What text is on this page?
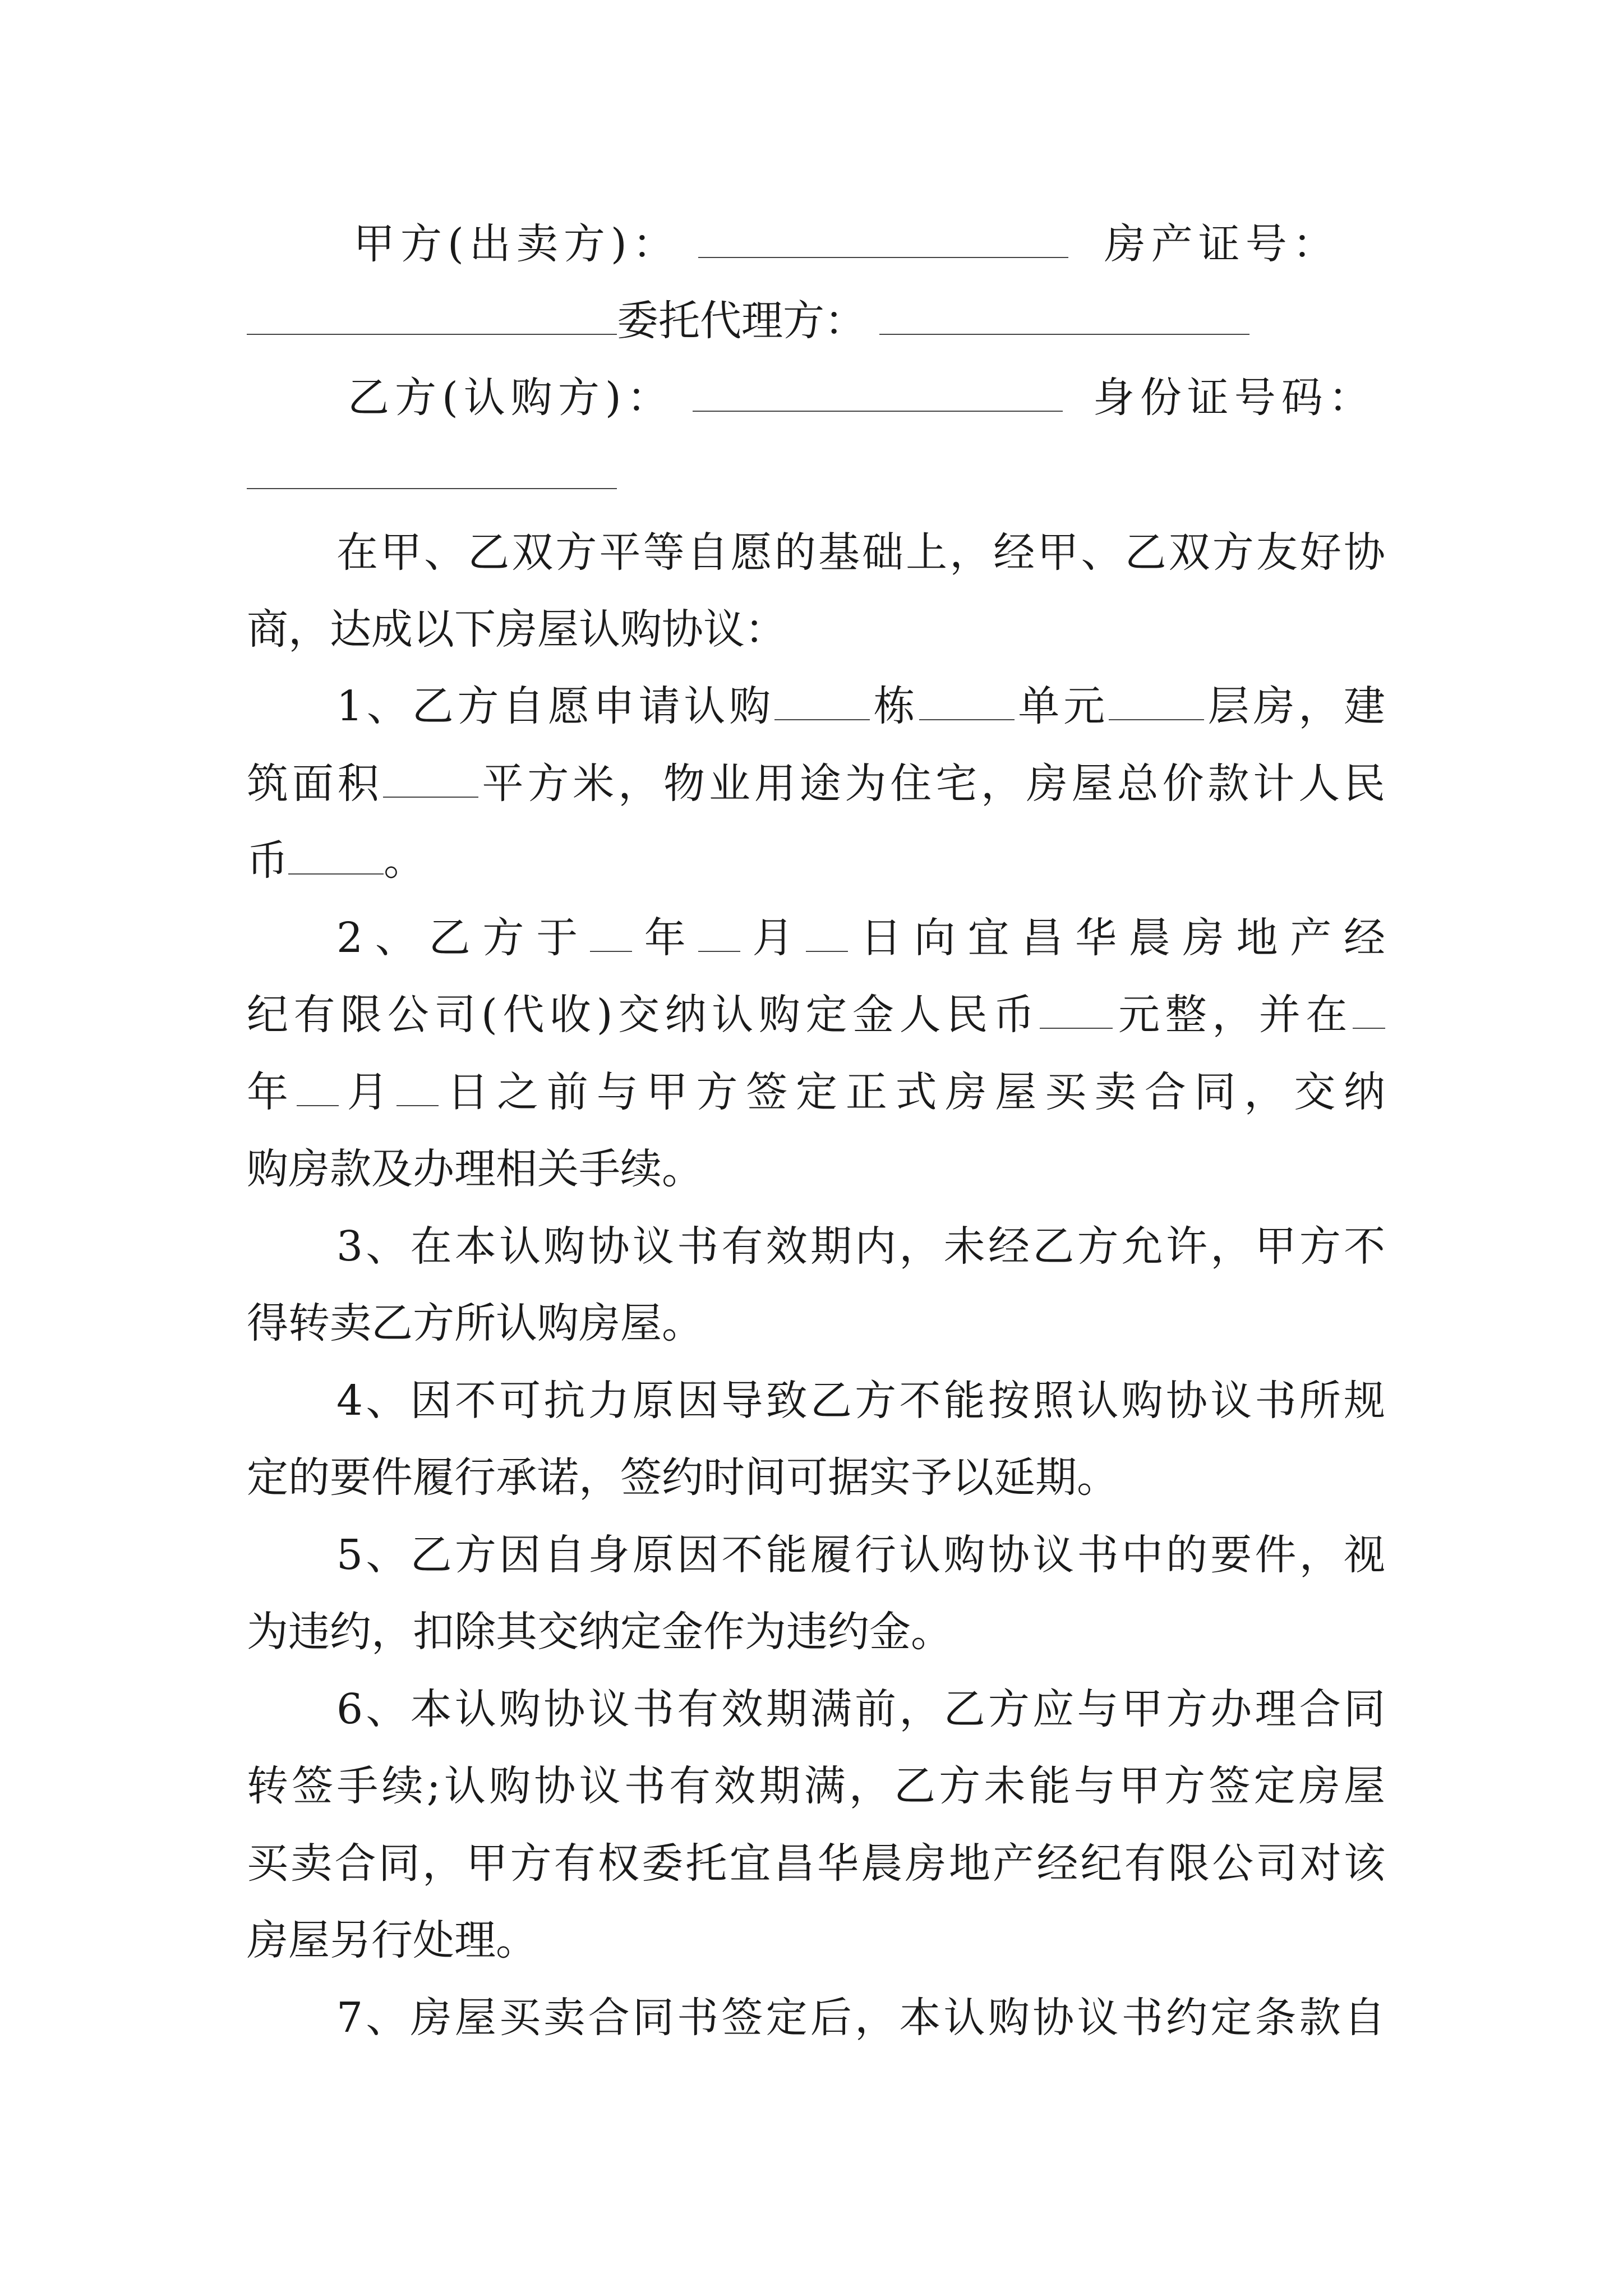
甲方(出卖方)：	房产证号：
委托代理方：
乙方(认购方)：	身份证号码：
在甲、乙双方平等自愿的基础上，经甲、乙双方友好协
商，达成以下房屋认购协议：
1、乙方自愿申请认购 栋 单元 层房，建
筑面积 平方米，物业用途为住宅，房屋总价款计人民
币 。
2、乙方于 年 月 日向宜昌华晨房地产经
纪有限公司(代收)交纳认购定金人民币 元整，并在
年 月 日之前与甲方签定正式房屋买卖合同，交纳
购房款及办理相关手续。
3、在本认购协议书有效期内，未经乙方允许，甲方不
得转卖乙方所认购房屋。
4、因不可抗力原因导致乙方不能按照认购协议书所规
定的要件履行承诺，签约时间可据实予以延期。
5、乙方因自身原因不能履行认购协议书中的要件，视
为违约，扣除其交纳定金作为违约金。
6、本认购协议书有效期满前，乙方应与甲方办理合同
转签手续;认购协议书有效期满，乙方未能与甲方签定房屋
买卖合同，甲方有权委托宜昌华晨房地产经纪有限公司对该
房屋另行处理。
7、房屋买卖合同书签定后，本认购协议书约定条款自
